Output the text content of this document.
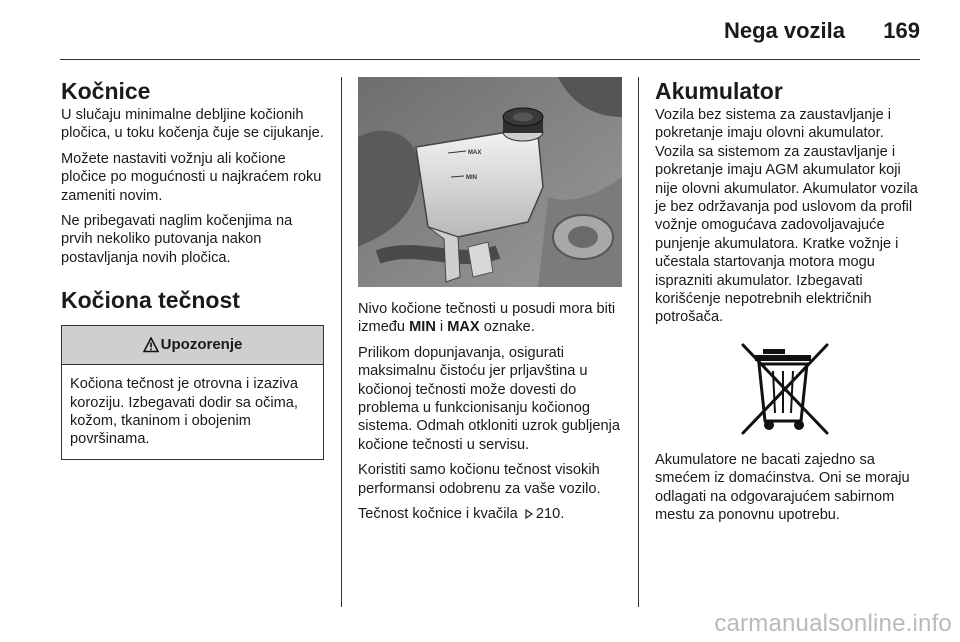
Nega vozila 169
Kočnice

U slučaju minimalne debljine kočionih pločica, u toku kočenja čuje se cijukanje.

Možete nastaviti vožnju ali kočione pločice po mogućnosti u najkraćem roku zameniti novim.

Ne pribegavati naglim kočenjima na prvih nekoliko putovanja nakon postavljanja novih pločica.

Kočiona tečnost
Upozorenje
Kočiona tečnost je otrovna i izaziva koroziju. Izbegavati dodir sa očima, kožom, tkaninom i obojenim površinama.
MAX
MIN

Nivo kočione tečnosti u posudi mora biti između MIN i MAX oznake.

Prilikom dopunjavanja, osigurati maksimalnu čistoću jer prljavština u kočionoj tečnosti može dovesti do problema u funkcionisanju kočionog sistema. Odmah otkloniti uzrok gubljenja kočione tečnosti u servisu.

Koristiti samo kočionu tečnost visokih performansi odobrenu za vaše vozilo.

Tečnost kočnice i kvačila 210.

Akumulator

Vozila bez sistema za zaustavljanje i pokretanje imaju olovni akumulator. Vozila sa sistemom za zaustavljanje i pokretanje imaju AGM akumulator koji nije olovni akumulator. Akumulator vozila je bez održavanja pod uslovom da profil vožnje omogućava zadovoljavajuće punjenje akumulatora. Kratke vožnje i učestala startovanja motora mogu isprazniti akumulator. Izbegavati korišćenje nepotrebnih električnih potrošača.

Akumulatore ne bacati zajedno sa smećem iz domaćinstva. Oni se moraju odlagati na odgovarajućem sabirnom mestu za ponovnu upotrebu.

carmanualsonline.info
